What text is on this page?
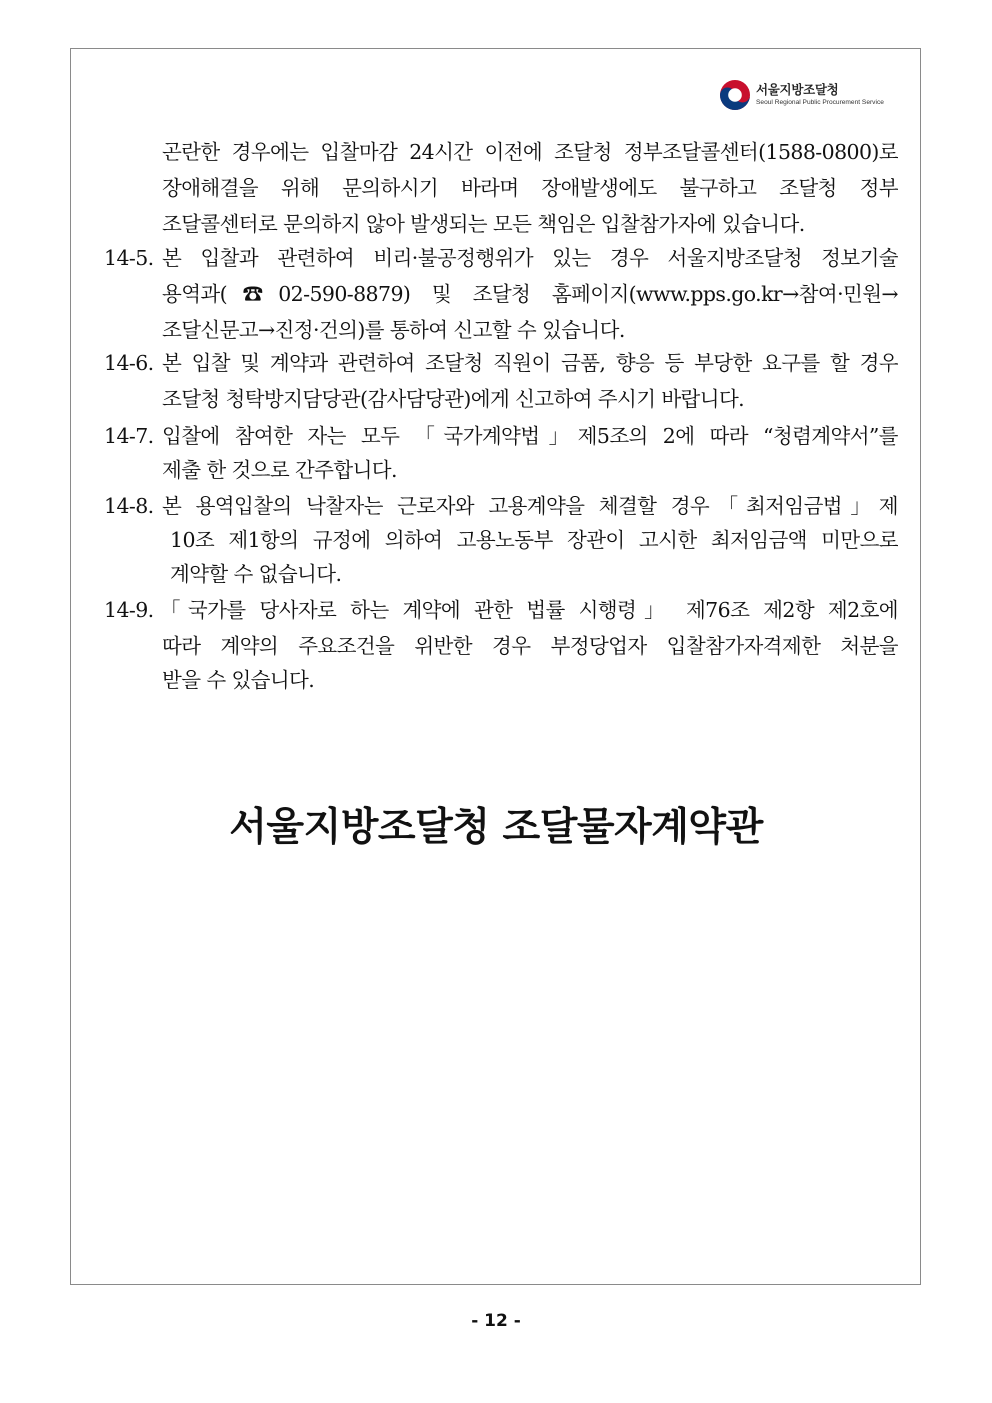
서울지방조달청
Seoul Regional Public Procurement Service
곤란한 경우에는 입찰마감 24시간 이전에 조달청 정부조달콜센터(1588-0800)로
장애해결을 위해 문의하시기 바라며 장애발생에도 불구하고 조달청 정부
조달콜센터로 문의하지 않아 발생되는 모든 책임은 입찰참가자에 있습니다.
14-5. 본 입찰과 관련하여 비리·불공정행위가 있는 경우 서울지방조달청 정보기술
용역과(☎02-590-8879) 및 조달청 홈페이지(www.pps.go.kr→참여·민원→
조달신문고→진정·건의)를 통하여 신고할 수 있습니다.
14-6. 본 입찰 및 계약과 관련하여 조달청 직원이 금품, 향응 등 부당한 요구를 할 경우
조달청 청탁방지담당관(감사담당관)에게 신고하여 주시기 바랍니다.
14-7. 입찰에 참여한 자는 모두 「국가계약법」제5조의 2에 따라 “청렴계약서”를
제출 한 것으로 간주합니다.
14-8. 본 용역입찰의 낙찰자는 근로자와 고용계약을 체결할 경우「최저임금법」제
10조 제1항의 규정에 의하여 고용노동부 장관이 고시한 최저임금액 미만으로
계약할 수 없습니다.
14-9. 「국가를 당사자로 하는 계약에 관한 법률 시행령」 제76조 제2항 제2호에
따라 계약의 주요조건을 위반한 경우 부정당업자 입찰참가자격제한 처분을
받을 수 있습니다.
서울지방조달청 조달물자계약관
- 12 -
